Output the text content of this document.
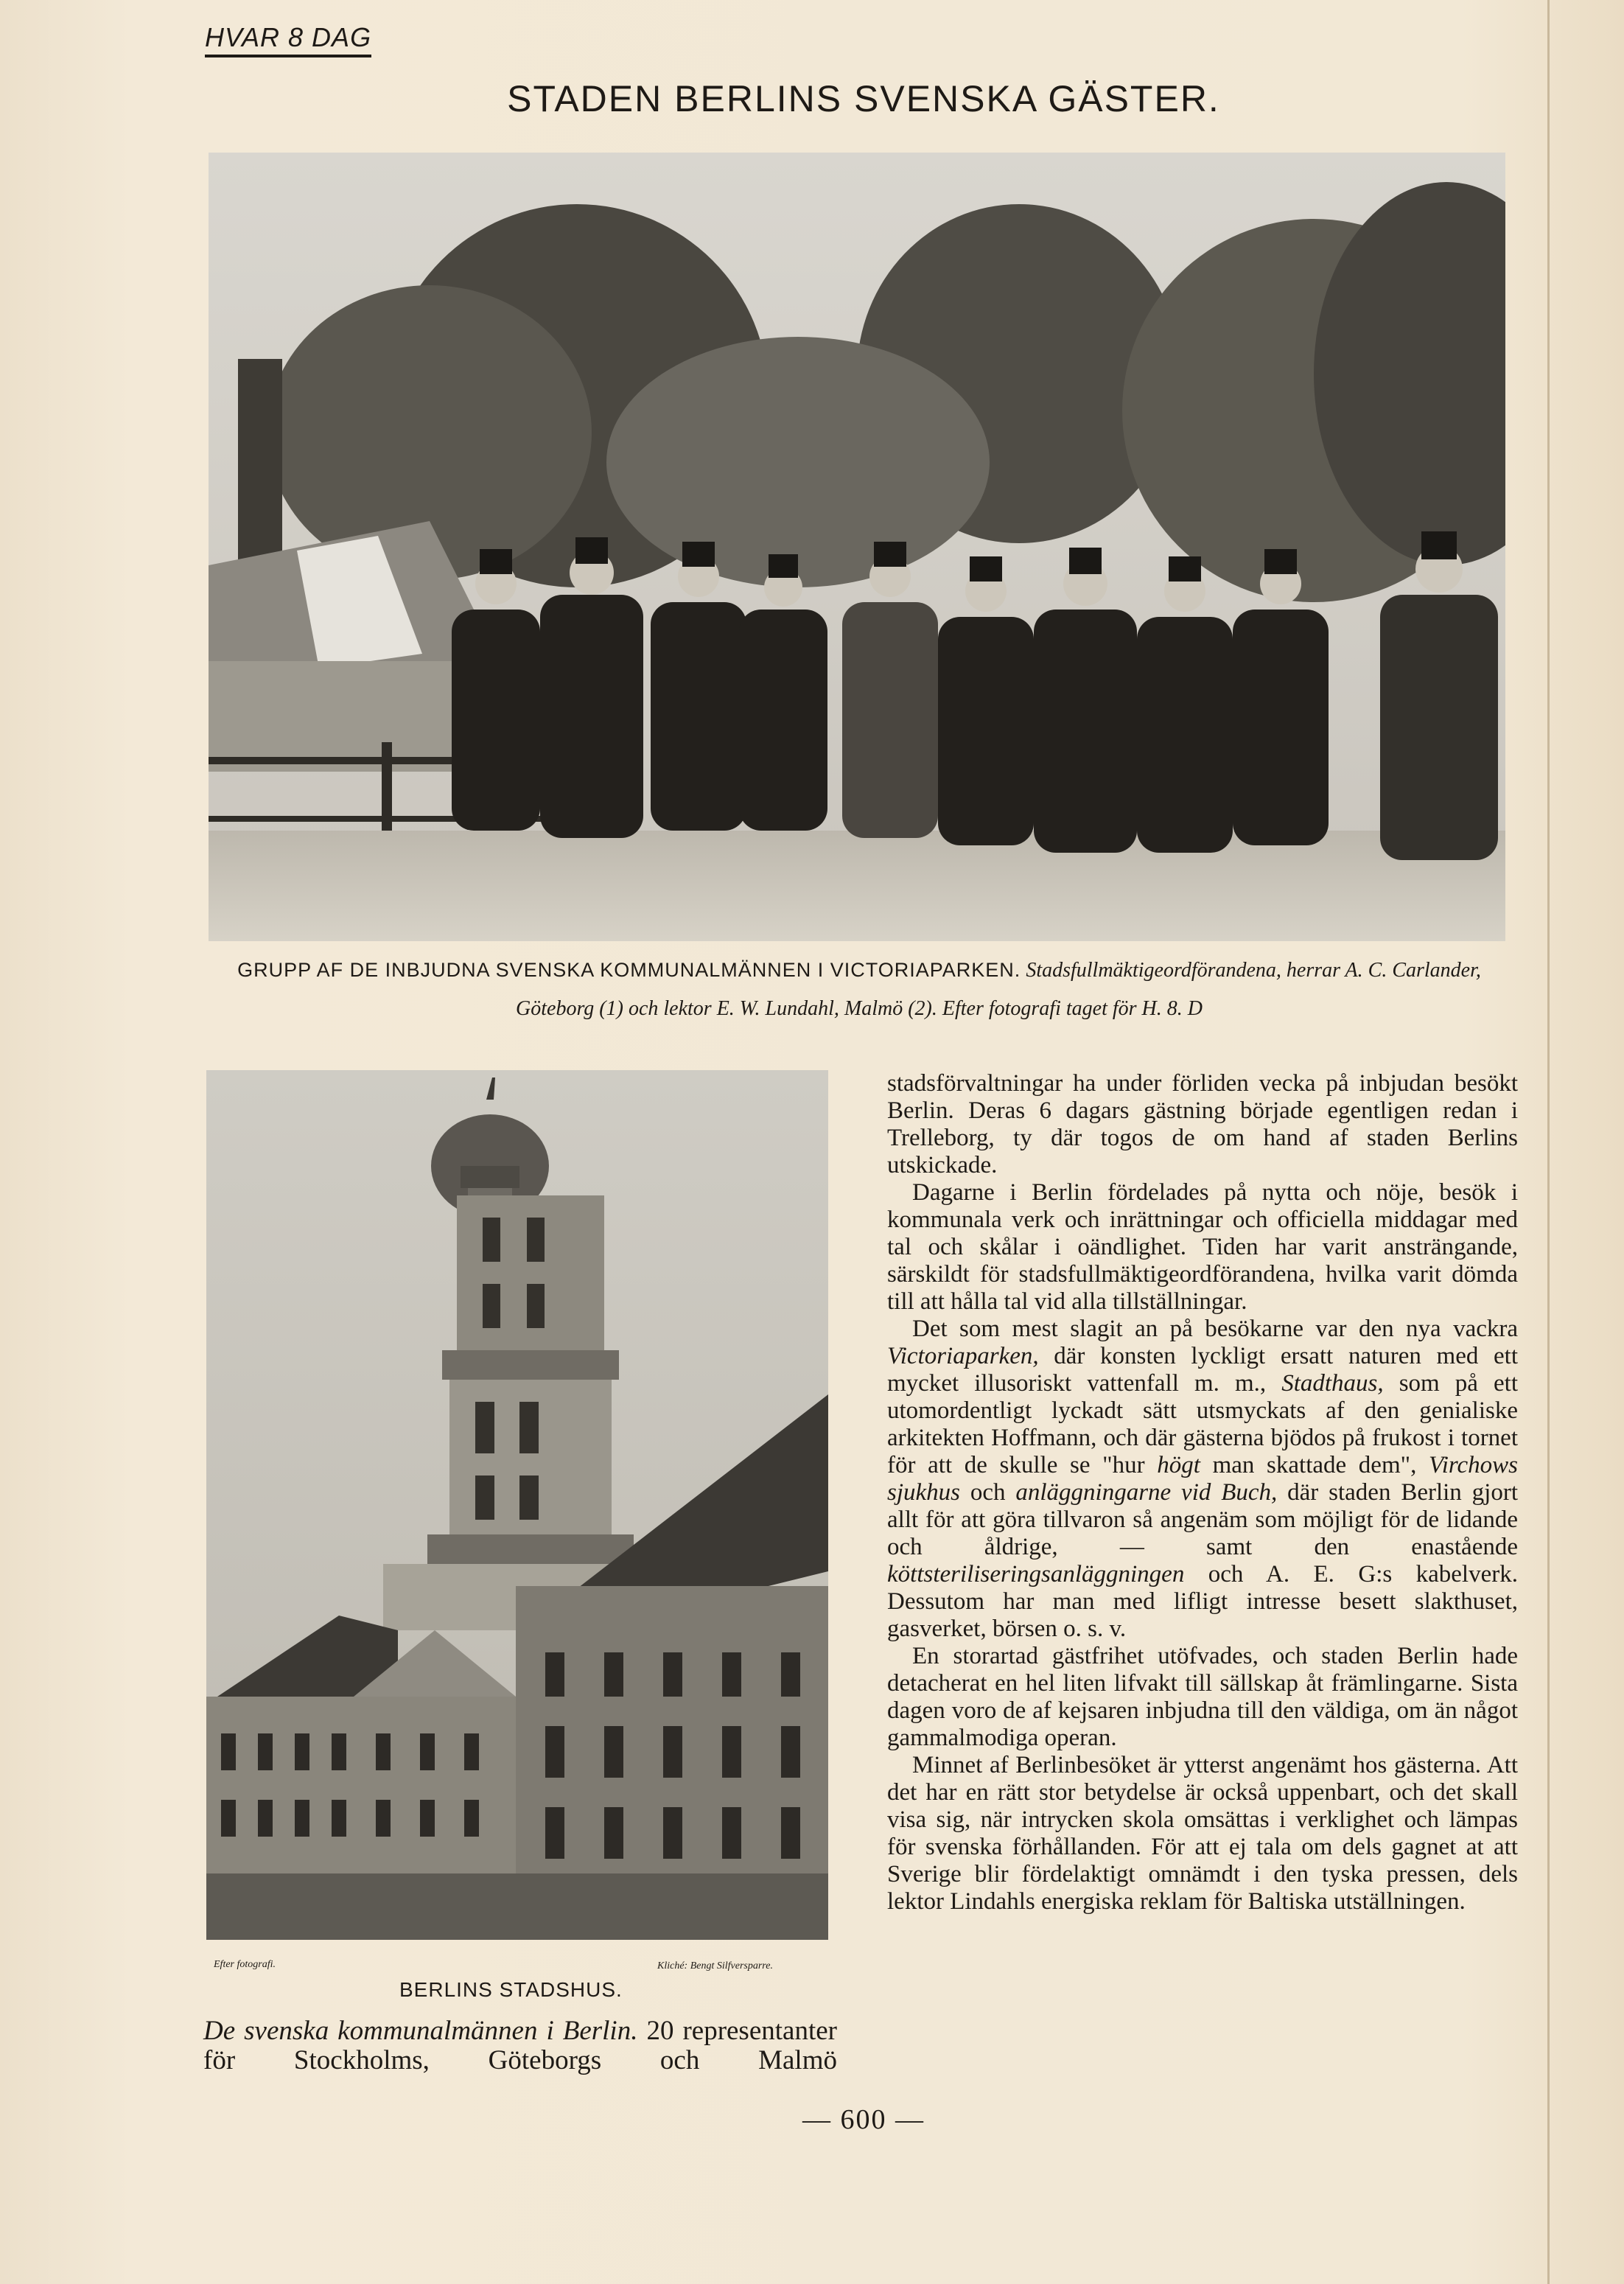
HVAR 8 DAG
STADEN BERLINS SVENSKA GÄSTER.
GRUPP AF DE INBJUDNA SVENSKA KOMMUNALMÄNNEN I VICTORIAPARKEN. Stadsfullmäktigeordförandena, herrar A. C. Carlander, Göteborg (1) och lektor E. W. Lundahl, Malmö (2). Efter fotografi taget för H. 8. D
Efter fotografi.	Kliché: Bengt Silfversparre.
BERLINS STADSHUS.
De svenska kommunalmännen i Berlin. 20 representanter för Stockholms, Göteborgs och Malmö

stadsförvaltningar ha under förliden vecka på inbjudan besökt Berlin. Deras 6 dagars gästning började egentligen redan i Trelleborg, ty där togos de om hand af staden Berlins utskickade.

Dagarne i Berlin fördelades på nytta och nöje, besök i kommunala verk och inrättningar och officiella middagar med tal och skålar i oändlighet. Tiden har varit ansträngande, särskildt för stadsfullmäktigeordförandena, hvilka varit dömda till att hålla tal vid alla tillställningar.

Det som mest slagit an på besökarne var den nya vackra Victoriaparken, där konsten lyckligt ersatt naturen med ett mycket illusoriskt vattenfall m. m., Stadthaus, som på ett utomordentligt lyckadt sätt utsmyckats af den genialiske arkitekten Hoffmann, och där gästerna bjödos på frukost i tornet för att de skulle se "hur högt man skattade dem", Virchows sjukhus och anläggningarne vid Buch, där staden Berlin gjort allt för att göra tillvaron så angenäm som möjligt för de lidande och åldrige, — samt den enastående köttsteriliseringsanläggningen och A. E. G:s kabelverk. Dessutom har man med lifligt intresse besett slakthuset, gasverket, börsen o. s. v.

En storartad gästfrihet utöfvades, och staden Berlin hade detacherat en hel liten lifvakt till sällskap åt främlingarne. Sista dagen voro de af kejsaren inbjudna till den väldiga, om än något gammalmodiga operan.

Minnet af Berlinbesöket är ytterst angenämt hos gästerna. Att det har en rätt stor betydelse är också uppenbart, och det skall visa sig, när intrycken skola omsättas i verklighet och lämpas för svenska förhållanden. För att ej tala om dels gagnet at att Sverige blir fördelaktigt omnämdt i den tyska pressen, dels lektor Lindahls energiska reklam för Baltiska utställningen.

— 600 —
